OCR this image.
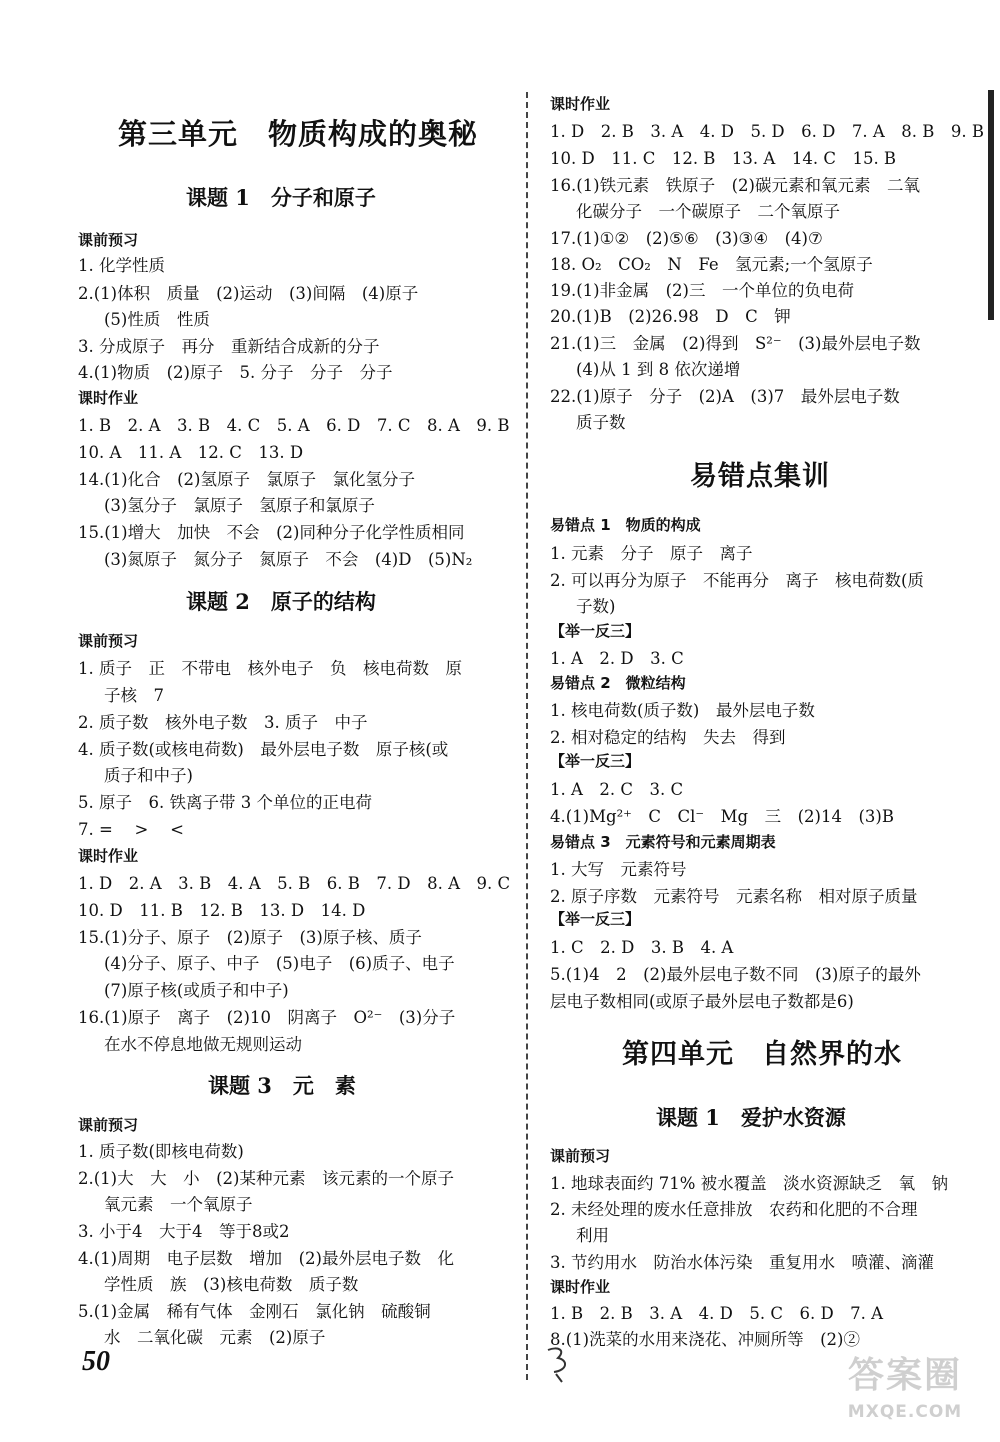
第三单元　物质构成的奥秘
课题 1　分子和原子
课前预习
1. 化学性质
2.(1)体积　质量　(2)运动　(3)间隔　(4)原子
(5)性质　性质
3. 分成原子　再分　重新结合成新的分子
4.(1)物质　(2)原子　5. 分子　分子　分子
课时作业
1. B　2. A　3. B　4. C　5. A　6. D　7. C　8. A　9. B
10. A　11. A　12. C　13. D
14.(1)化合　(2)氢原子　氯原子　氯化氢分子
(3)氢分子　氯原子　氢原子和氯原子
15.(1)增大　加快　不会　(2)同种分子化学性质相同
(3)氮原子　氮分子　氮原子　不会　(4)D　(5)N₂
课题 2　原子的结构
课前预习
1. 质子　正　不带电　核外电子　负　核电荷数　原
子核　7
2. 质子数　核外电子数　3. 质子　中子
4. 质子数(或核电荷数)　最外层电子数　原子核(或
质子和中子)
5. 原子　6. 铁离子带 3 个单位的正电荷
7. =　 >　 <
课时作业
1. D　2. A　3. B　4. A　5. B　6. B　7. D　8. A　9. C
10. D　11. B　12. B　13. D　14. D
15.(1)分子、原子　(2)原子　(3)原子核、质子
(4)分子、原子、中子　(5)电子　(6)质子、电子
(7)原子核(或质子和中子)
16.(1)原子　离子　(2)10　阴离子　O²⁻　(3)分子
在水不停息地做无规则运动
课题 3　元　素
课前预习
1. 质子数(即核电荷数)
2.(1)大　大　小　(2)某种元素　该元素的一个原子
氧元素　一个氧原子
3. 小于4　大于4　等于8或2
4.(1)周期　电子层数　增加　(2)最外层电子数　化
学性质　族　(3)核电荷数　质子数
5.(1)金属　稀有气体　金刚石　氯化钠　硫酸铜
水　二氧化碳　元素　(2)原子
50
课时作业
1. D　2. B　3. A　4. D　5. D　6. D　7. A　8. B　9. B
10. D　11. C　12. B　13. A　14. C　15. B
16.(1)铁元素　铁原子　(2)碳元素和氧元素　二氧
化碳分子　一个碳原子　二个氧原子
17.(1)①②　(2)⑤⑥　(3)③④　(4)⑦
18. O₂　CO₂　N　Fe　氢元素;一个氢原子
19.(1)非金属　(2)三　一个单位的负电荷
20.(1)B　(2)26.98　D　C　钾
21.(1)三　金属　(2)得到　S²⁻　(3)最外层电子数
(4)从 1 到 8 依次递增
22.(1)原子　分子　(2)A　(3)7　最外层电子数
质子数
易错点集训
易错点 1　物质的构成
1. 元素　分子　原子　离子
2. 可以再分为原子　不能再分　离子　核电荷数(质
子数)
【举一反三】
1. A　2. D　3. C
易错点 2　微粒结构
1. 核电荷数(质子数)　最外层电子数
2. 相对稳定的结构　失去　得到
【举一反三】
1. A　2. C　3. C
4.(1)Mg²⁺　C　Cl⁻　Mg　三　(2)14　(3)B
易错点 3　元素符号和元素周期表
1. 大写　元素符号
2. 原子序数　元素符号　元素名称　相对原子质量
【举一反三】
1. C　2. D　3. B　4. A
5.(1)4　2　(2)最外层电子数不同　(3)原子的最外
层电子数相同(或原子最外层电子数都是6)
第四单元　自然界的水
课题 1　爱护水资源
课前预习
1. 地球表面约 71% 被水覆盖　淡水资源缺乏　氧　钠
2. 未经处理的废水任意排放　农药和化肥的不合理
利用
3. 节约用水　防治水体污染　重复用水　喷灌、滴灌
课时作业
1. B　2. B　3. A　4. D　5. C　6. D　7. A
8.(1)洗菜的水用来浇花、冲厕所等　(2)②
答案圈
MXQE.COM
